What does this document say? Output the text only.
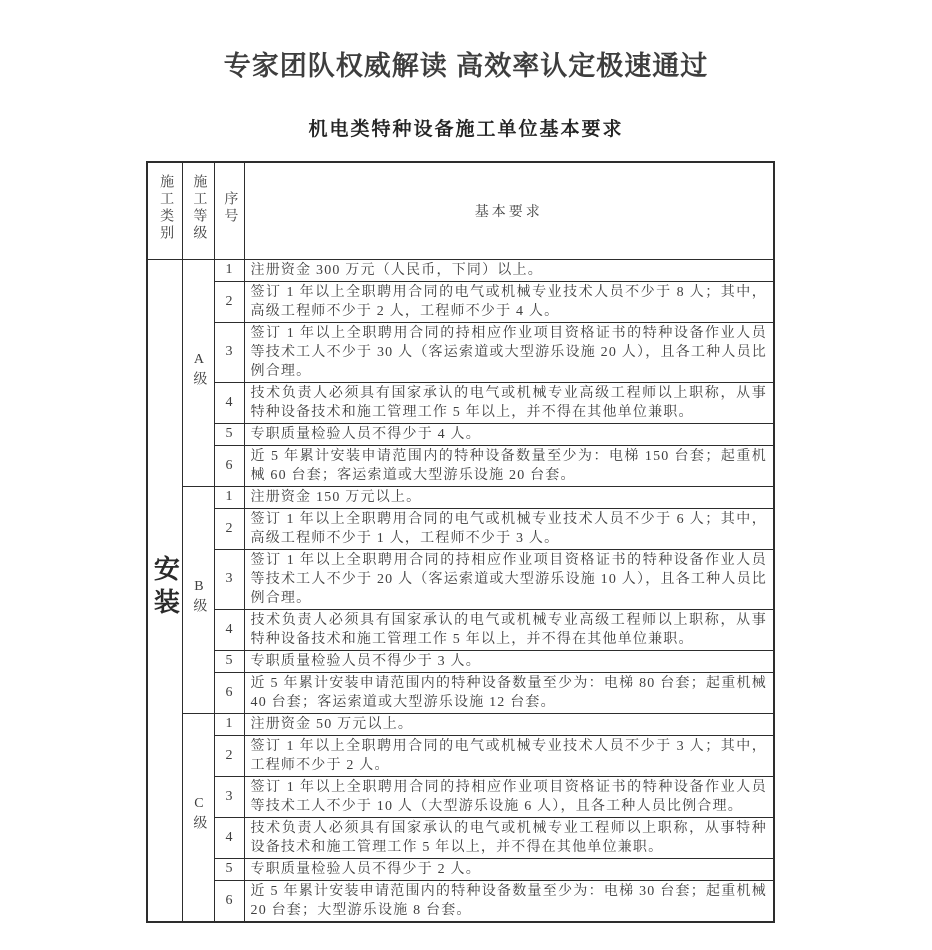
专家团队权威解读 高效率认定极速通过
机电类特种设备施工单位基本要求
施工类别	施工等级	序号	基本要求
安装	A级	1	注册资金 300 万元（人民币，下同）以上。
		2	签订 1 年以上全职聘用合同的电气或机械专业技术人员不少于 8 人；其中，高级工程师不少于 2 人，工程师不少于 4 人。
		3	签订 1 年以上全职聘用合同的持相应作业项目资格证书的特种设备作业人员等技术工人不少于 30 人（客运索道或大型游乐设施 20 人），且各工种人员比例合理。
		4	技术负责人必须具有国家承认的电气或机械专业高级工程师以上职称，从事特种设备技术和施工管理工作 5 年以上，并不得在其他单位兼职。
		5	专职质量检验人员不得少于 4 人。
		6	近 5 年累计安装申请范围内的特种设备数量至少为：电梯 150 台套；起重机械 60 台套；客运索道或大型游乐设施 20 台套。
	B级	1	注册资金 150 万元以上。
		2	签订 1 年以上全职聘用合同的电气或机械专业技术人员不少于 6 人；其中，高级工程师不少于 1 人，工程师不少于 3 人。
		3	签订 1 年以上全职聘用合同的持相应作业项目资格证书的特种设备作业人员等技术工人不少于 20 人（客运索道或大型游乐设施 10 人），且各工种人员比例合理。
		4	技术负责人必须具有国家承认的电气或机械专业高级工程师以上职称，从事特种设备技术和施工管理工作 5 年以上，并不得在其他单位兼职。
		5	专职质量检验人员不得少于 3 人。
		6	近 5 年累计安装申请范围内的特种设备数量至少为：电梯 80 台套；起重机械 40 台套；客运索道或大型游乐设施 12 台套。
	C级	1	注册资金 50 万元以上。
		2	签订 1 年以上全职聘用合同的电气或机械专业技术人员不少于 3 人；其中，工程师不少于 2 人。
		3	签订 1 年以上全职聘用合同的持相应作业项目资格证书的特种设备作业人员等技术工人不少于 10 人（大型游乐设施 6 人），且各工种人员比例合理。
		4	技术负责人必须具有国家承认的电气或机械专业工程师以上职称，从事特种设备技术和施工管理工作 5 年以上，并不得在其他单位兼职。
		5	专职质量检验人员不得少于 2 人。
		6	近 5 年累计安装申请范围内的特种设备数量至少为：电梯 30 台套；起重机械 20 台套；大型游乐设施 8 台套。
